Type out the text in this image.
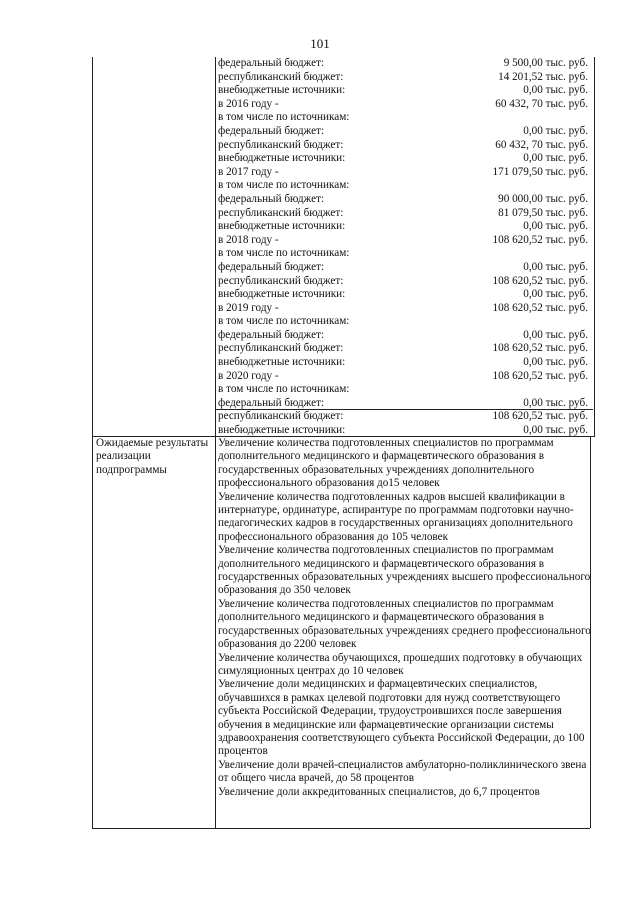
101
федеральный бюджет:	9 500,00 тыс. руб.
республиканский бюджет:	14 201,52 тыс. руб.
внебюджетные источники:	0,00 тыс. руб.
в 2016 году -	60 432, 70 тыс. руб.
в том числе по источникам:
федеральный бюджет:	0,00 тыс. руб.
республиканский бюджет:	60 432, 70 тыс. руб.
внебюджетные источники:	0,00 тыс. руб.
в 2017 году -	171 079,50 тыс. руб.
в том числе по источникам:
федеральный бюджет:	90 000,00 тыс. руб.
республиканский бюджет:	81 079,50 тыс. руб.
внебюджетные источники:	0,00 тыс. руб.
в 2018 году -	108 620,52 тыс. руб.
в том числе по источникам:
федеральный бюджет:	0,00 тыс. руб.
республиканский бюджет:	108 620,52 тыс. руб.
внебюджетные источники:	0,00 тыс. руб.
в 2019 году -	108 620,52 тыс. руб.
в том числе по источникам:
федеральный бюджет:	0,00 тыс. руб.
республиканский бюджет:	108 620,52 тыс. руб.
внебюджетные источники:	0,00 тыс. руб.
в 2020 году -	108 620,52 тыс. руб.
в том числе по источникам:
федеральный бюджет:	0,00 тыс. руб.
республиканский бюджет:	108 620,52 тыс. руб.
внебюджетные источники:	0,00 тыс. руб.
Ожидаемые результаты реализации подпрограммы

Увеличение количества подготовленных специалистов по программам дополнительного медицинского и фармацевтического образования в государственных образовательных учреждениях дополнительного профессионального образования до15 человек

Увеличение количества подготовленных кадров высшей квалификации в интернатуре, ординатуре, аспирантуре по программам подготовки научно-педагогических кадров в государственных организациях дополнительного профессионального образования до 105 человек

Увеличение количества подготовленных специалистов по программам дополнительного медицинского и фармацевтического образования в государственных образовательных учреждениях высшего профессионального образования до 350 человек

Увеличение количества подготовленных специалистов по программам дополнительного медицинского и фармацевтического образования в государственных образовательных учреждениях среднего профессионального образования до 2200 человек

Увеличение количества обучающихся, прошедших подготовку в обучающих симуляционных центрах до 10 человек

Увеличение доли медицинских и фармацевтических специалистов, обучавшихся в рамках целевой подготовки для нужд соответствующего субъекта Российской Федерации, трудоустроившихся после завершения обучения в медицинские или фармацевтические организации системы здравоохранения соответствующего субъекта Российской Федерации, до 100 процентов

Увеличение доли врачей-специалистов амбулаторно-поликлинического звена от общего числа врачей, до 58 процентов

Увеличение доли аккредитованных специалистов, до 6,7 процентов
